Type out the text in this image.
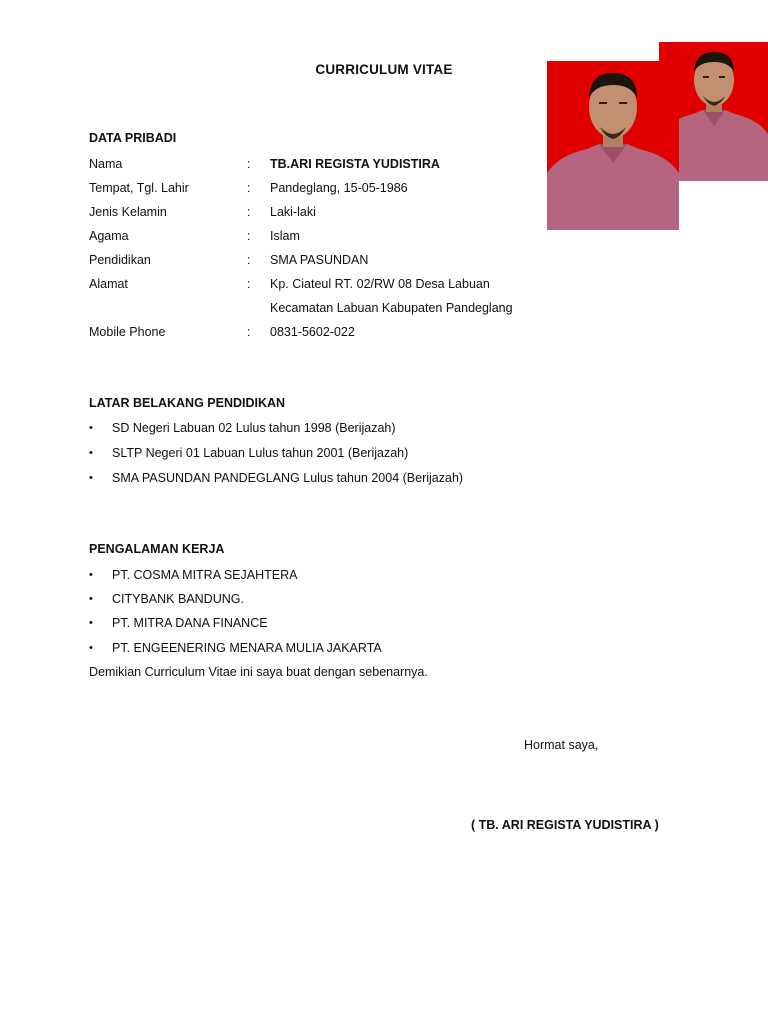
CURRICULUM VITAE
DATA PRIBADI
Nama	: TB.ARI REGISTA YUDISTIRA
Tempat, Tgl. Lahir	: Pandeglang, 15-05-1986
Jenis Kelamin	: Laki-laki
Agama	: Islam
Pendidikan	: SMA PASUNDAN
Alamat	: Kp. Ciateul RT. 02/RW 08 Desa Labuan
Kecamatan Labuan Kabupaten Pandeglang
Mobile Phone	: 0831-5602-022
LATAR BELAKANG PENDIDIKAN
• SD Negeri Labuan 02 Lulus tahun 1998 (Berijazah)
• SLTP Negeri 01 Labuan Lulus tahun 2001 (Berijazah)
• SMA PASUNDAN PANDEGLANG Lulus tahun 2004 (Berijazah)
PENGALAMAN KERJA
• PT. COSMA MITRA SEJAHTERA
• CITYBANK BANDUNG.
• PT. MITRA DANA FINANCE
• PT. ENGEENERING MENARA MULIA JAKARTA
Demikian Curriculum Vitae ini saya buat dengan sebenarnya.
Hormat saya,
( TB. ARI REGISTA YUDISTIRA )
